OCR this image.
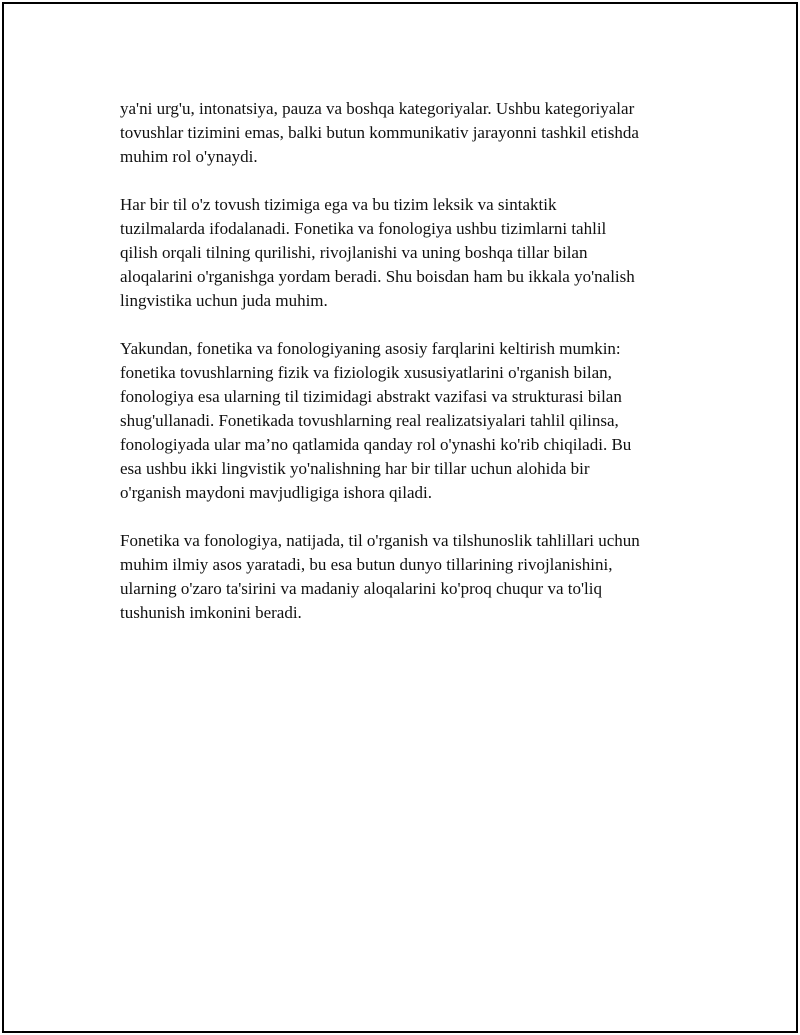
ya'ni urg'u, intonatsiya, pauza va boshqa kategoriyalar. Ushbu kategoriyalar
tovushlar tizimini emas, balki butun kommunikativ jarayonni tashkil etishda
muhim rol o'ynaydi.

Har bir til o'z tovush tizimiga ega va bu tizim leksik va sintaktik
tuzilmalarda ifodalanadi. Fonetika va fonologiya ushbu tizimlarni tahlil
qilish orqali tilning qurilishi, rivojlanishi va uning boshqa tillar bilan
aloqalarini o'rganishga yordam beradi. Shu boisdan ham bu ikkala yo'nalish
lingvistika uchun juda muhim.

Yakundan, fonetika va fonologiyaning asosiy farqlarini keltirish mumkin:
fonetika tovushlarning fizik va fiziologik xususiyatlarini o'rganish bilan,
fonologiya esa ularning til tizimidagi abstrakt vazifasi va strukturasi bilan
shug'ullanadi. Fonetikada tovushlarning real realizatsiyalari tahlil qilinsa,
fonologiyada ular ma’no qatlamida qanday rol o'ynashi ko'rib chiqiladi. Bu
esa ushbu ikki lingvistik yo'nalishning har bir tillar uchun alohida bir
o'rganish maydoni mavjudligiga ishora qiladi.

Fonetika va fonologiya, natijada, til o'rganish va tilshunoslik tahlillari uchun
muhim ilmiy asos yaratadi, bu esa butun dunyo tillarining rivojlanishini,
ularning o'zaro ta'sirini va madaniy aloqalarini ko'proq chuqur va to'liq
tushunish imkonini beradi.
